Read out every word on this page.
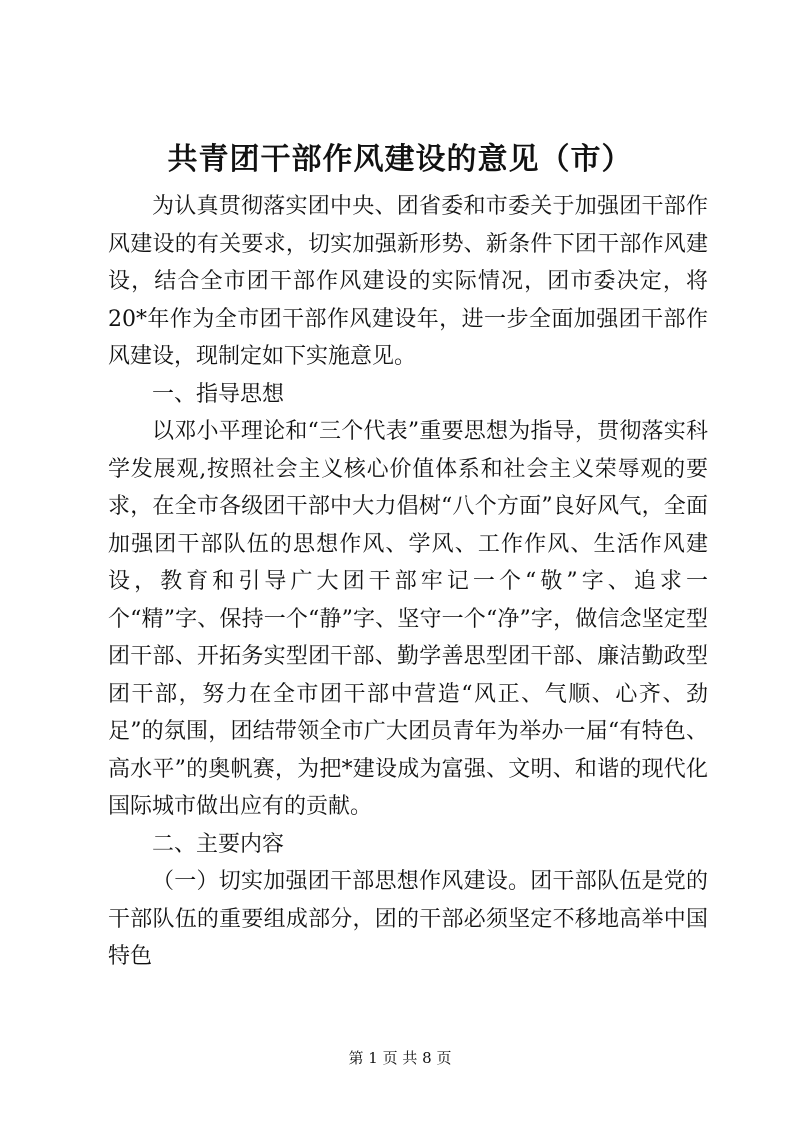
共青团干部作风建设的意见（市）

为认真贯彻落实团中央、团省委和市委关于加强团干部作风建设的有关要求，切实加强新形势、新条件下团干部作风建设，结合全市团干部作风建设的实际情况，团市委决定，将20*年作为全市团干部作风建设年，进一步全面加强团干部作风建设，现制定如下实施意见。

一、指导思想

以邓小平理论和“三个代表”重要思想为指导，贯彻落实科学发展观,按照社会主义核心价值体系和社会主义荣辱观的要求，在全市各级团干部中大力倡树“八个方面”良好风气，全面加强团干部队伍的思想作风、学风、工作作风、生活作风建设，教育和引导广大团干部牢记一个“敬”字、追求一个“精”字、保持一个“静”字、坚守一个“净”字，做信念坚定型团干部、开拓务实型团干部、勤学善思型团干部、廉洁勤政型团干部，努力在全市团干部中营造“风正、气顺、心齐、劲足”的氛围，团结带领全市广大团员青年为举办一届“有特色、高水平”的奥帆赛，为把*建设成为富强、文明、和谐的现代化国际城市做出应有的贡献。

二、主要内容

（一）切实加强团干部思想作风建设。团干部队伍是党的干部队伍的重要组成部分，团的干部必须坚定不移地高举中国特色

第 1 页 共 8 页
